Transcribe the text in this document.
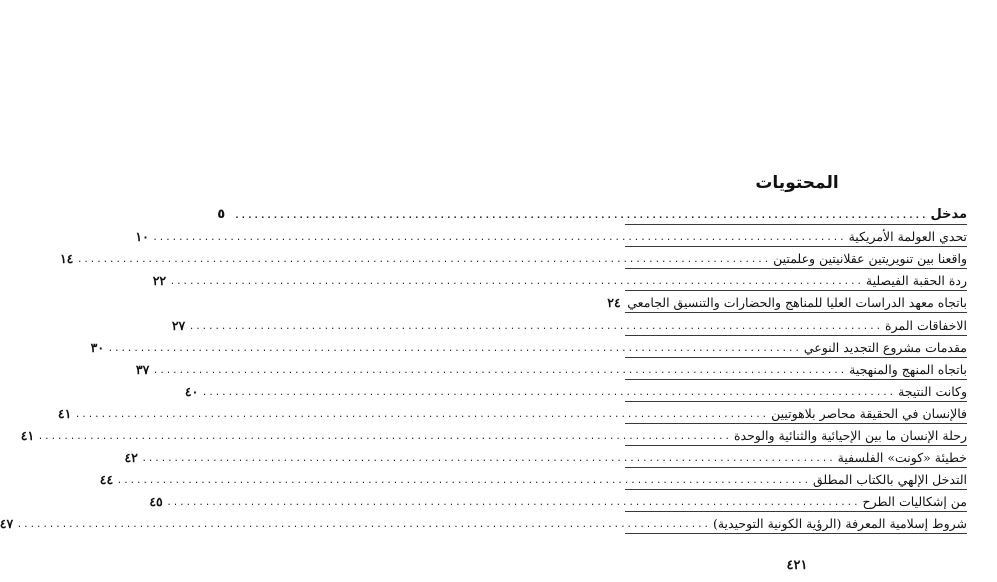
المحتويات
مدخل
............................................................................................................
٥
تحدي العولمة الأمريكية
............................................................................................................
١٠
واقعنا بين تنويريتين عقلانيتين وعلمتين
............................................................................................................
١٤
ردة الحقبة الفيصلية
............................................................................................................
٢٢
باتجاه معهد الدراسات العليا للمناهج والحضارات والتنسيق الجامعي
٢٤
الاخفاقات المرة
............................................................................................................
٢٧
مقدمات مشروع التجديد النوعي
............................................................................................................
٣٠
باتجاه المنهج والمنهجية
............................................................................................................
٣٧
وكانت النتيجة
............................................................................................................
٤٠
فالإنسان في الحقيقة محاصر بلاهوتيين
............................................................................................................
٤١
رحلة الإنسان ما بين الإحيائية والثنائية والوحدة
............................................................................................................
٤١
خطيئة «كونت» الفلسفية
............................................................................................................
٤٢
التدخل الإلهي بالكتاب المطلق
............................................................................................................
٤٤
من إشكاليات الطرح
............................................................................................................
٤٥
شروط إسلامية المعرفة (الرؤية الكونية التوحيدية)
............................................................................................................
٤٧

٤٢١
